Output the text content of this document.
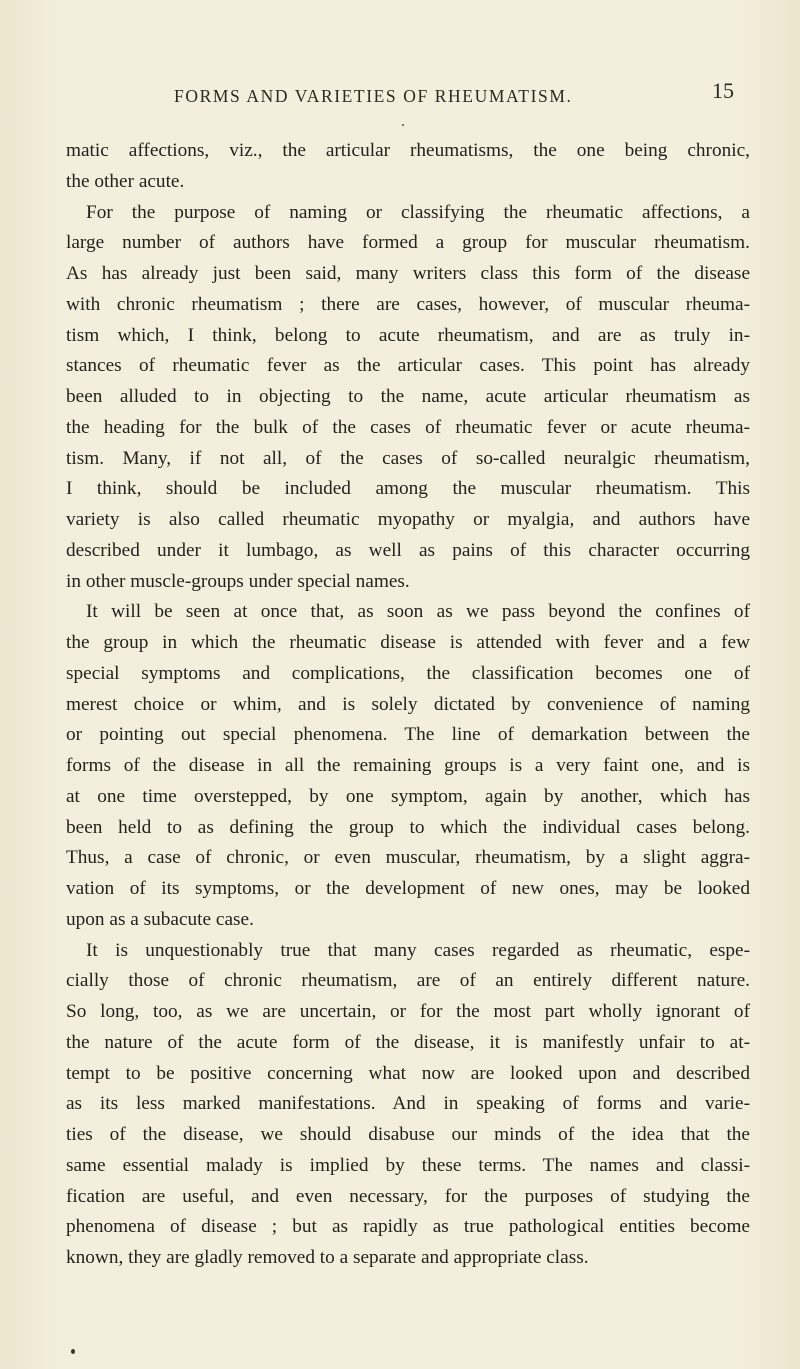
FORMS AND VARIETIES OF RHEUMATISM.	15
matic affections, viz., the articular rheumatisms, the one being chronic,
the other acute.
For the purpose of naming or classifying the rheumatic affections, a
large number of authors have formed a group for muscular rheumatism.
As has already just been said, many writers class this form of the disease
with chronic rheumatism ; there are cases, however, of muscular rheuma-
tism which, I think, belong to acute rheumatism, and are as truly in-
stances of rheumatic fever as the articular cases. This point has already
been alluded to in objecting to the name, acute articular rheumatism as
the heading for the bulk of the cases of rheumatic fever or acute rheuma-
tism. Many, if not all, of the cases of so-called neuralgic rheumatism,
I think, should be included among the muscular rheumatism. This
variety is also called rheumatic myopathy or myalgia, and authors have
described under it lumbago, as well as pains of this character occurring
in other muscle-groups under special names.
It will be seen at once that, as soon as we pass beyond the confines of
the group in which the rheumatic disease is attended with fever and a few
special symptoms and complications, the classification becomes one of
merest choice or whim, and is solely dictated by convenience of naming
or pointing out special phenomena. The line of demarkation between the
forms of the disease in all the remaining groups is a very faint one, and is
at one time overstepped, by one symptom, again by another, which has
been held to as defining the group to which the individual cases belong.
Thus, a case of chronic, or even muscular, rheumatism, by a slight aggra-
vation of its symptoms, or the development of new ones, may be looked
upon as a subacute case.
It is unquestionably true that many cases regarded as rheumatic, espe-
cially those of chronic rheumatism, are of an entirely different nature.
So long, too, as we are uncertain, or for the most part wholly ignorant of
the nature of the acute form of the disease, it is manifestly unfair to at-
tempt to be positive concerning what now are looked upon and described
as its less marked manifestations. And in speaking of forms and varie-
ties of the disease, we should disabuse our minds of the idea that the
same essential malady is implied by these terms. The names and classi-
fication are useful, and even necessary, for the purposes of studying the
phenomena of disease ; but as rapidly as true pathological entities become
known, they are gladly removed to a separate and appropriate class.
